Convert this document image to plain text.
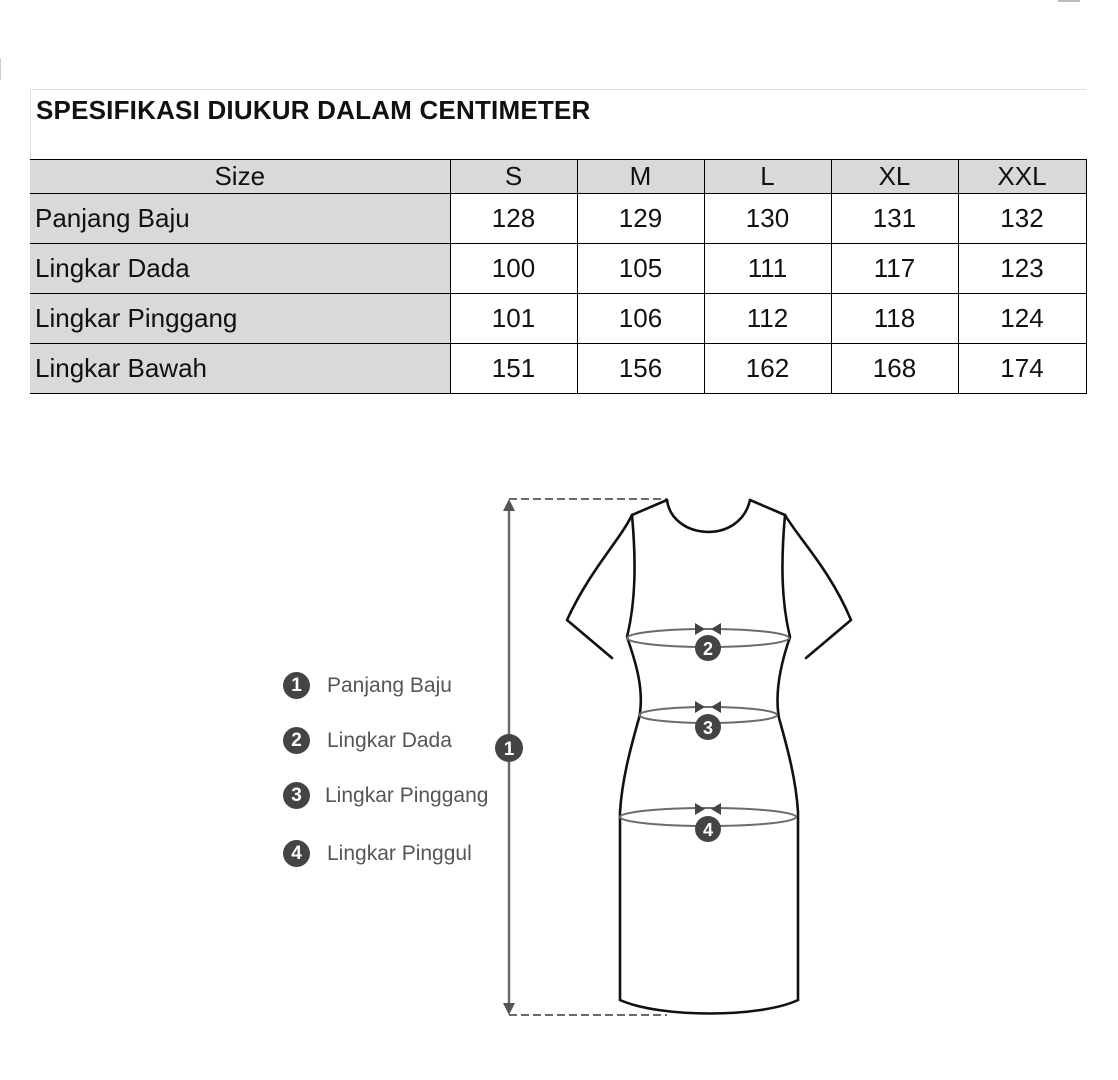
SPESIFIKASI DIUKUR DALAM CENTIMETER
Size	S	M	L	XL	XXL
Panjang Baju	128	129	130	131	132
Lingkar Dada	100	105	111	117	123
Lingkar Pinggang	101	106	112	118	124
Lingkar Bawah	151	156	162	168	174
1	Panjang Baju
2	Lingkar Dada
3	Lingkar Pinggang
4	Lingkar Pinggul
2
3
4
1
